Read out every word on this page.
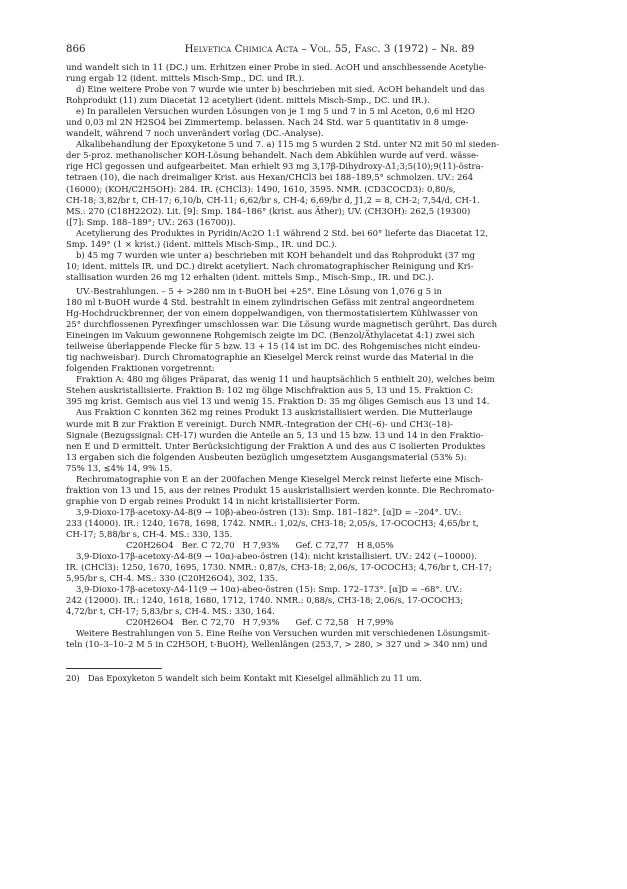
866	Helvetica Chimica Acta – Vol. 55, Fasc. 3 (1972) – Nr. 89

und wandelt sich in 11 (DC.) um. Erhitzen einer Probe in sied. AcOH und anschliessende Acetylie-

rung ergab 12 (ident. mittels Misch-Smp., DC. und IR.).

d) Eine weitere Probe von 7 wurde wie unter b) beschrieben mit sied. AcOH behandelt und das

Rohprodukt (11) zum Diacetat 12 acetyliert (ident. mittels Misch-Smp., DC. und IR.).

e) In parallelen Versuchen wurden Lösungen von je 1 mg 5 und 7 in 5 ml Aceton, 0,6 ml H2O

und 0,03 ml 2N H2SO4 bei Zimmertemp. belassen. Nach 24 Std. war 5 quantitativ in 8 umge-

wandelt, während 7 noch unverändert vorlag (DC.-Analyse).

Alkalibehandlung der Epoxyketone 5 und 7. a) 115 mg 5 wurden 2 Std. unter N2 mit 50 ml sieden-

der 5-proz. methanolischer KOH-Lösung behandelt. Nach dem Abkühlen wurde auf verd. wässe-

rige HCl gegossen und aufgearbeitet. Man erhielt 93 mg 3,17β-Dihydroxy-Δ1;3;5(10);9(11)-östra-

tetraen (10), die nach dreimaliger Krist. aus Hexan/CHCl3 bei 188–189,5° schmolzen. UV.: 264

(16000); (KOH/C2H5OH): 284. IR. (CHCl3): 1490, 1610, 3595. NMR. (CD3COCD3): 0,80/s,

CH-18; 3,82/br t, CH-17; 6,10/b, CH-11; 6,62/br s, CH-4; 6,69/br d, J1,2 = 8, CH-2; 7,54/d, CH-1.

MS.: 270 (C18H22O2). Lit. [9]: Smp. 184–186° (krist. aus Äther); UV. (CH3OH): 262,5 (19300)

([7]: Smp. 188–189°; UV.: 263 (16700)).

Acetylierung des Produktes in Pyridin/Ac2O 1:1 während 2 Std. bei 60° lieferte das Diacetat 12,

Smp. 149° (1 × krist.) (ident. mittels Misch-Smp., IR. und DC.).

b) 45 mg 7 wurden wie unter a) beschrieben mit KOH behandelt und das Rohprodukt (37 mg

10; ident. mittels IR. und DC.) direkt acetyliert. Nach chromatographischer Reinigung und Kri-

stallisation wurden 26 mg 12 erhalten (ident. mittels Smp., Misch-Smp., IR. und DC.).

UV.-Bestrahlungen. – 5 + >280 nm in t-BuOH bei +25°. Eine Lösung von 1,076 g 5 in

180 ml t-BuOH wurde 4 Std. bestrahlt in einem zylindrischen Gefäss mit zentral angeordnetem

Hg-Hochdruckbrenner, der von einem doppelwandigen, von thermostatisiertem Kühlwasser von

25° durchflossenen Pyrexfinger umschlossen war. Die Lösung wurde magnetisch gerührt. Das durch

Eineingen im Vakuum gewonnene Rohgemisch zeigte im DC. (Benzol/Äthylacetat 4:1) zwei sich

teilweise überlappende Flecke für 5 bzw. 13 + 15 (14 ist im DC. des Rohgemisches nicht eindeu-

tig nachweisbar). Durch Chromatographie an Kieselgel Merck reinst wurde das Material in die

folgenden Fraktionen vorgetrennt:

Fraktion A: 480 mg öliges Präparat, das wenig 11 und hauptsächlich 5 enthielt 20), welches beim

Stehen auskristallisierte. Fraktion B: 102 mg ölige Mischfraktion aus 5, 13 und 15. Fraktion C:

395 mg krist. Gemisch aus viel 13 und wenig 15. Fraktion D: 35 mg öliges Gemisch aus 13 und 14.

Aus Fraktion C konnten 362 mg reines Produkt 13 auskristallisiert werden. Die Mutterlauge

wurde mit B zur Fraktion E vereinigt. Durch NMR.-Integration der CH(–6)- und CH3(–18)-

Signale (Bezugssignal: CH-17) wurden die Anteile an 5, 13 und 15 bzw. 13 und 14 in den Fraktio-

nen E und D ermittelt. Unter Berücksichtigung der Fraktion A und des aus C isolierten Produktes

13 ergaben sich die folgenden Ausbeuten bezüglich umgesetztem Ausgangsmaterial (53% 5):

75% 13, ≲4% 14, 9% 15.

Rechromatographie von E an der 200fachen Menge Kieselgel Merck reinst lieferte eine Misch-

fraktion von 13 und 15, aus der reines Produkt 15 auskristallisiert werden konnte. Die Rechromato-

graphie von D ergab reines Produkt 14 in nicht kristallisierter Form.

3,9-Dioxo-17β-acetoxy-Δ4-8(9 → 10β)-abeo-östren (13): Smp. 181–182°. [α]D = –204°. UV.:

233 (14000). IR.: 1240, 1678, 1698, 1742. NMR.: 1,02/s, CH3-18; 2,05/s, 17-OCOCH3; 4,65/br t,

CH-17; 5,88/br s, CH-4. MS.: 330, 135.

C20H26O4   Ber. C 72,70   H 7,93%      Gef. C 72,77   H 8,05%

3,9-Dioxo-17β-acetoxy-Δ4-8(9 → 10α)-abeo-östren (14): nicht kristallisiert. UV.: 242 (∼10000).

IR. (CHCl3): 1250, 1670, 1695, 1730. NMR.: 0,87/s, CH3-18; 2,06/s, 17-OCOCH3; 4,76/br t, CH-17;

5,95/br s, CH-4. MS.: 330 (C20H26O4), 302, 135.

3,9-Dioxo-17β-acetoxy-Δ4-11(9 → 10α)-abeo-östren (15): Smp. 172–173°. [α]D = –68°. UV.:

242 (12000). IR.: 1240, 1618, 1680, 1712, 1740. NMR.: 0,88/s, CH3-18; 2,06/s, 17-OCOCH3;

4,72/br t, CH-17; 5,83/br s, CH-4. MS.: 330, 164.

C20H26O4   Ber. C 72,70   H 7,93%      Gef. C 72,58   H 7,99%

Weitere Bestrahlungen von 5. Eine Reihe von Versuchen wurden mit verschiedenen Lösungsmit-

teln (10–3–10–2 M 5 in C2H5OH, t-BuOH), Wellenlängen (253,7, > 280, > 327 und > 340 nm) und

20) Das Epoxyketon 5 wandelt sich beim Kontakt mit Kieselgel allmählich zu 11 um.
